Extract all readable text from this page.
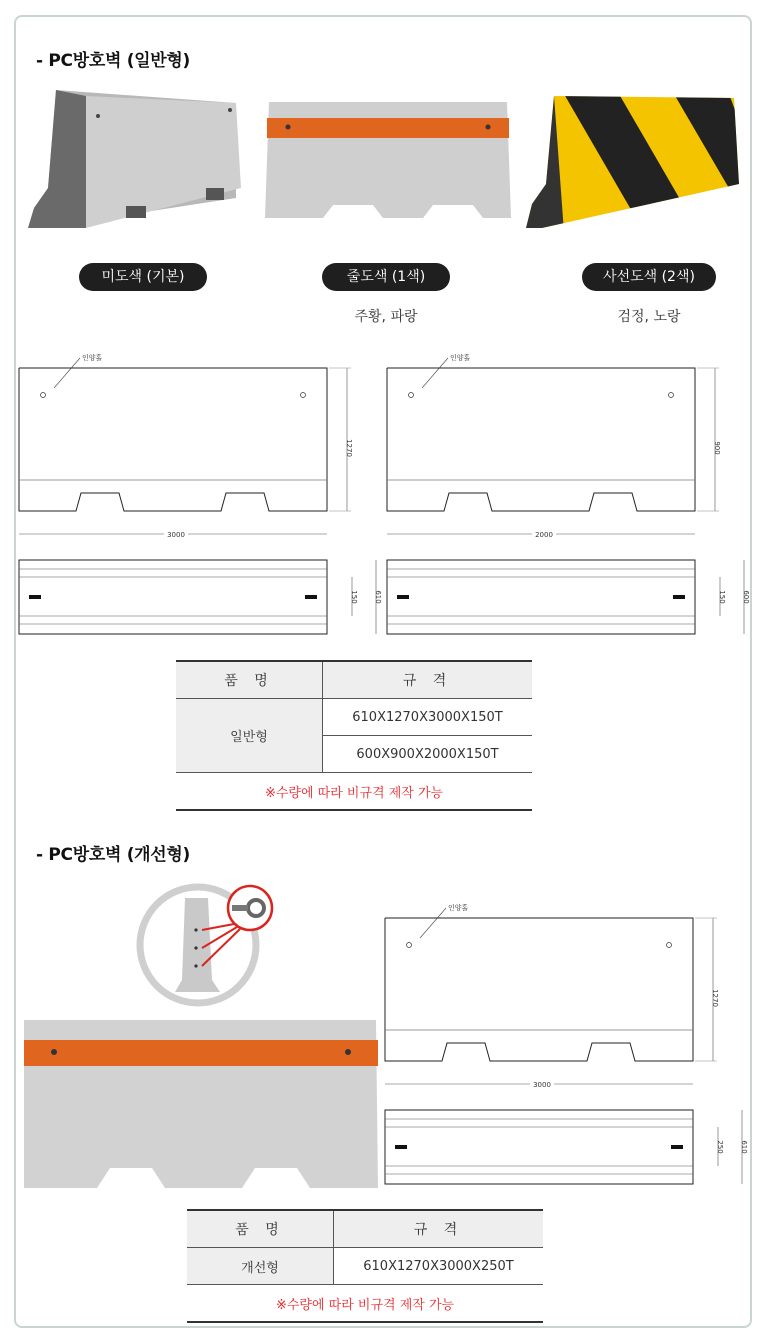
- PC방호벽 (일반형)
미도색 (기본)	줄도색 (1색)	사선도색 (2색)
주황, 파랑	검정, 노랑
인양홀
1270
3000
150 610
인양홀
900
2000
150 600
품 명	규 격
일반형	610X1270X3000X150T
	600X900X2000X150T
※수량에 따라 비규격 제작 가능	
- PC방호벽 (개선형)
인양홀
1270
3000
250 610
품 명	규 격
개선형	610X1270X3000X250T
※수량에 따라 비규격 제작 가능	
